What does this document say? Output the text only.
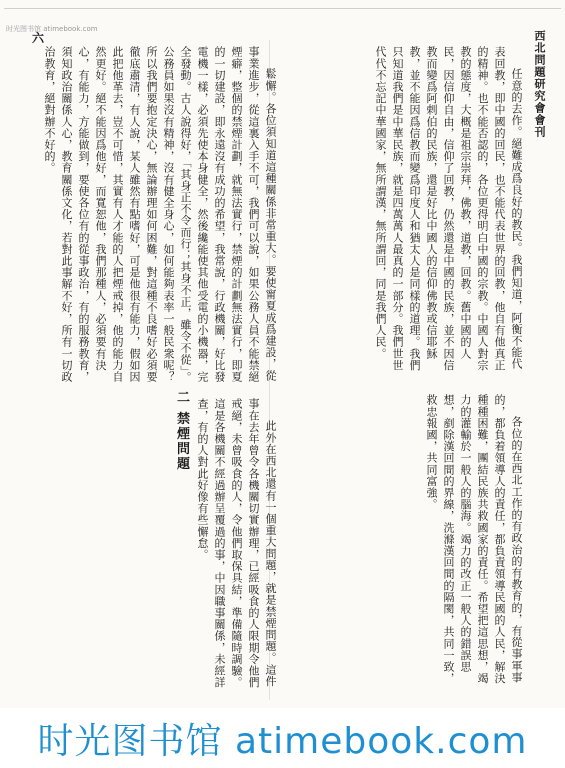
时光图书馆 atimebook.com
六	西北問題研究會會刊

任意的去作。絕難成爲良好的教民。我們知道，阿衡不能代表回教，即中國的回民，也不能代表世界的回教，他自有他真正的精神。也不能否認的，各位更得明白中國的宗教。中國人對宗教的態度，大概是祖宗崇拜，佛教，道教，回教。舊中國的人民，因信仰自由，信仰了回教，仍然還是中國的民族，並不因信教而變爲阿剌伯的民族，還是好比中國人的信仰佛教或信耶穌教，並不能因爲信教而變爲印度人和猶太人是同樣的道理。我們只知道我們是中華民族，就是四萬萬人最真的一部分。我們世世代代不忘記中華國家，無所謂漢，無所謂回，同是我們人民。

各位的在西北工作的有政治的有教育的，有從事軍事的，都負着領導人的責任，都負責領導民國的人民，解決種種困難，團結民族共救國家的責任。希望把這思想，竭力的灌輸於一般人的腦海。竭力的改正一般人的錯誤思想，剷除漢回間的界線，洗滌漢回間的隔閡，共同一致，救忠報國，共同富強。

此外在西北還有一個重大問題，就是禁煙問題。這件事在去年曾令各機關切實辦理，已經吸食的人限期令他們戒絕，未曾吸食的人，令他們取保具結，準備隨時調驗。這是各機關不經過辦呈覆過的事，中因職事關係，未經詳查，有的人對此好像有些懈怠。

鬆懈。各位須知道這種關係非常重大。要使甯夏成爲建設，從事業進步，從這裏入手不可，我們可以說，如果公務人員不能禁絕煙癖，整個的禁煙計劃，就無法實行，禁煙的計劃無法實行，即夏的一切建設，即永遠沒有成功的希望，我常說，行政機關，好比發電機一樣，必須先使本身健全，然後纔能使其他受電的小機器，完全發動。古人說得好，「其身正不令而行；其身不正，雖令不從」。公務員如果沒有精神，沒有健全身心，如何能夠表率一般民衆呢？所以我們要抱定決心，無論辦理如何困難，對這種不良嗜好必須要徹底肅清，有人說，某人雖然有點嗜好，可是他很有能力，假如因此把他革去，豈不可惜，其實有人才能的人把煙戒掉，他的能力自然更好。絕不能因爲他好，而寬恕他，我們那種人，必須要有決心，有能力，方能做到，要使各位有的從事政治，有的服務教育，須知政治關係人心，教育關係文化，若對此事解不好，所有一切政治教育，絕對辦不好的。

二 禁煙問題
时光图书馆 atimebook.com
